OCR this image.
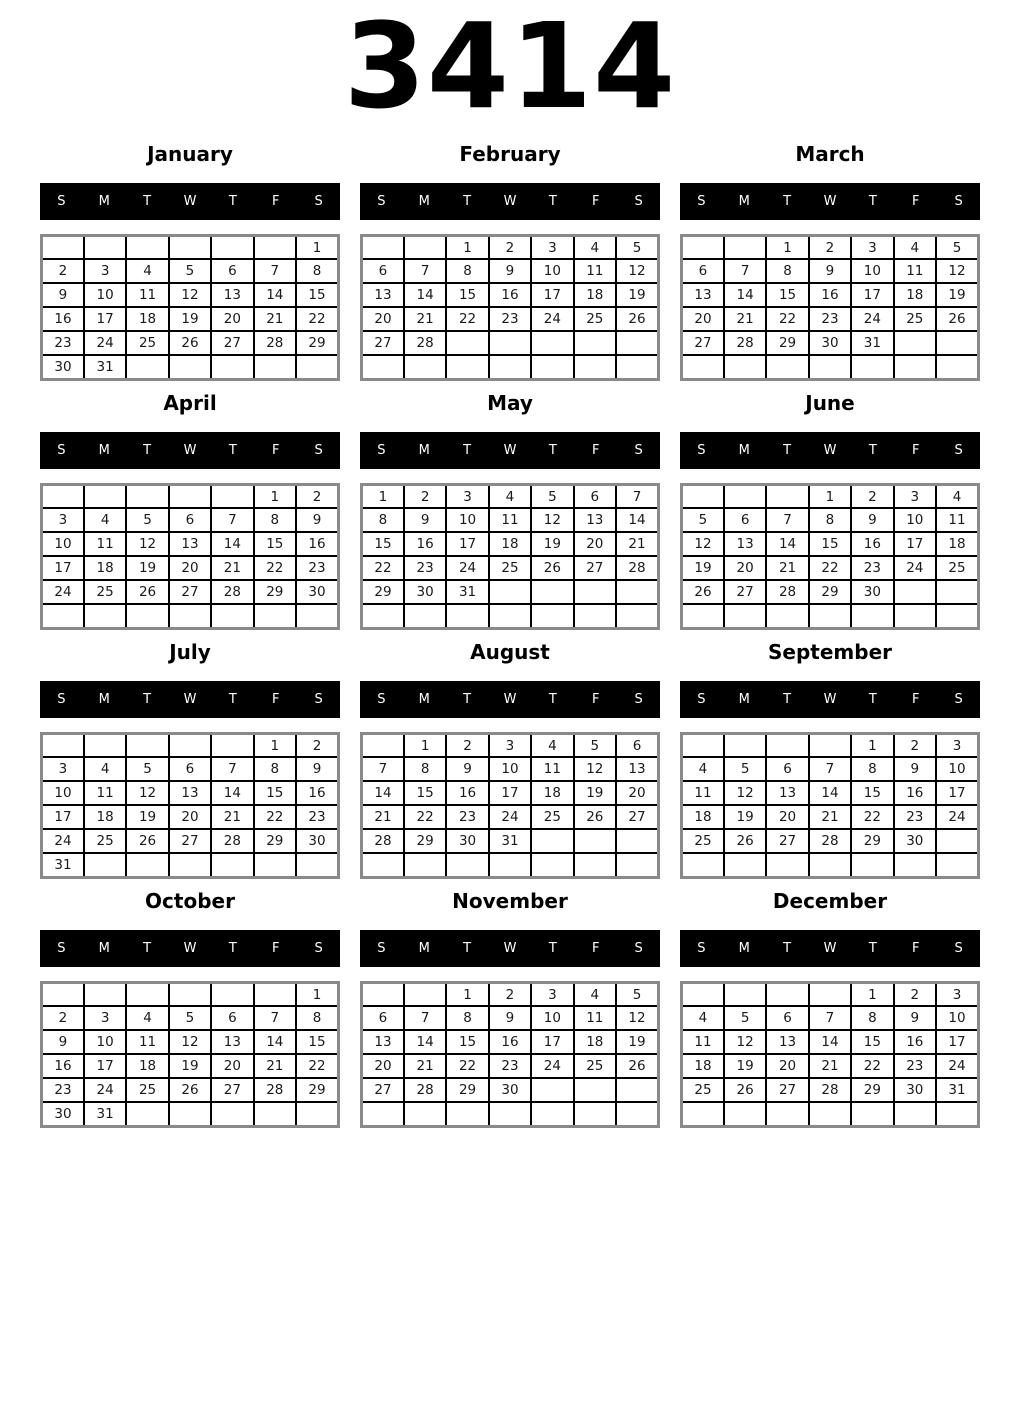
3414
January
S	M	T W T	F	S
						1
2	3	4	5	6	7	8
9	10	11	12	13	14	15
16	17	18	19	20	21	22
23	24	25	26	27	28	29
30	31					
February
S	M	T W T	F	S
		1	2	3	4	5
6	7	8	9	10	11	12
13	14	15	16	17	18	19
20	21	22	23	24	25	26
27	28					

March
S	M	T W T	F	S
		1	2	3	4	5
6	7	8	9	10	11	12
13	14	15	16	17	18	19
20	21	22	23	24	25	26
27	28	29	30	31		

April
S	M	T W T	F	S
					1	2
3	4	5	6	7	8	9
10	11	12	13	14	15	16
17	18	19	20	21	22	23
24	25	26	27	28	29	30

May
S	M	T W T	F	S
1	2	3	4	5	6	7
8	9	10	11	12	13	14
15	16	17	18	19	20	21
22	23	24	25	26	27	28
29	30	31				

June
S	M	T W T	F	S
			1	2	3	4
5	6	7	8	9	10	11
12	13	14	15	16	17	18
19	20	21	22	23	24	25
26	27	28	29	30		

July
S	M	T W T	F	S
					1	2
3	4	5	6	7	8	9
10	11	12	13	14	15	16
17	18	19	20	21	22	23
24	25	26	27	28	29	30
31						
August
S	M	T W T	F	S
	1	2	3	4	5	6
7	8	9	10	11	12	13
14	15	16	17	18	19	20
21	22	23	24	25	26	27
28	29	30	31			

September
S	M	T W T	F	S
				1	2	3
4	5	6	7	8	9	10
11	12	13	14	15	16	17
18	19	20	21	22	23	24
25	26	27	28	29	30	

October
S	M	T W T	F	S
						1
2	3	4	5	6	7	8
9	10	11	12	13	14	15
16	17	18	19	20	21	22
23	24	25	26	27	28	29
30	31					
November
S	M	T W T	F	S
		1	2	3	4	5
6	7	8	9	10	11	12
13	14	15	16	17	18	19
20	21	22	23	24	25	26
27	28	29	30			

December
S	M	T W T	F	S
				1	2	3
4	5	6	7	8	9	10
11	12	13	14	15	16	17
18	19	20	21	22	23	24
25	26	27	28	29	30	31
